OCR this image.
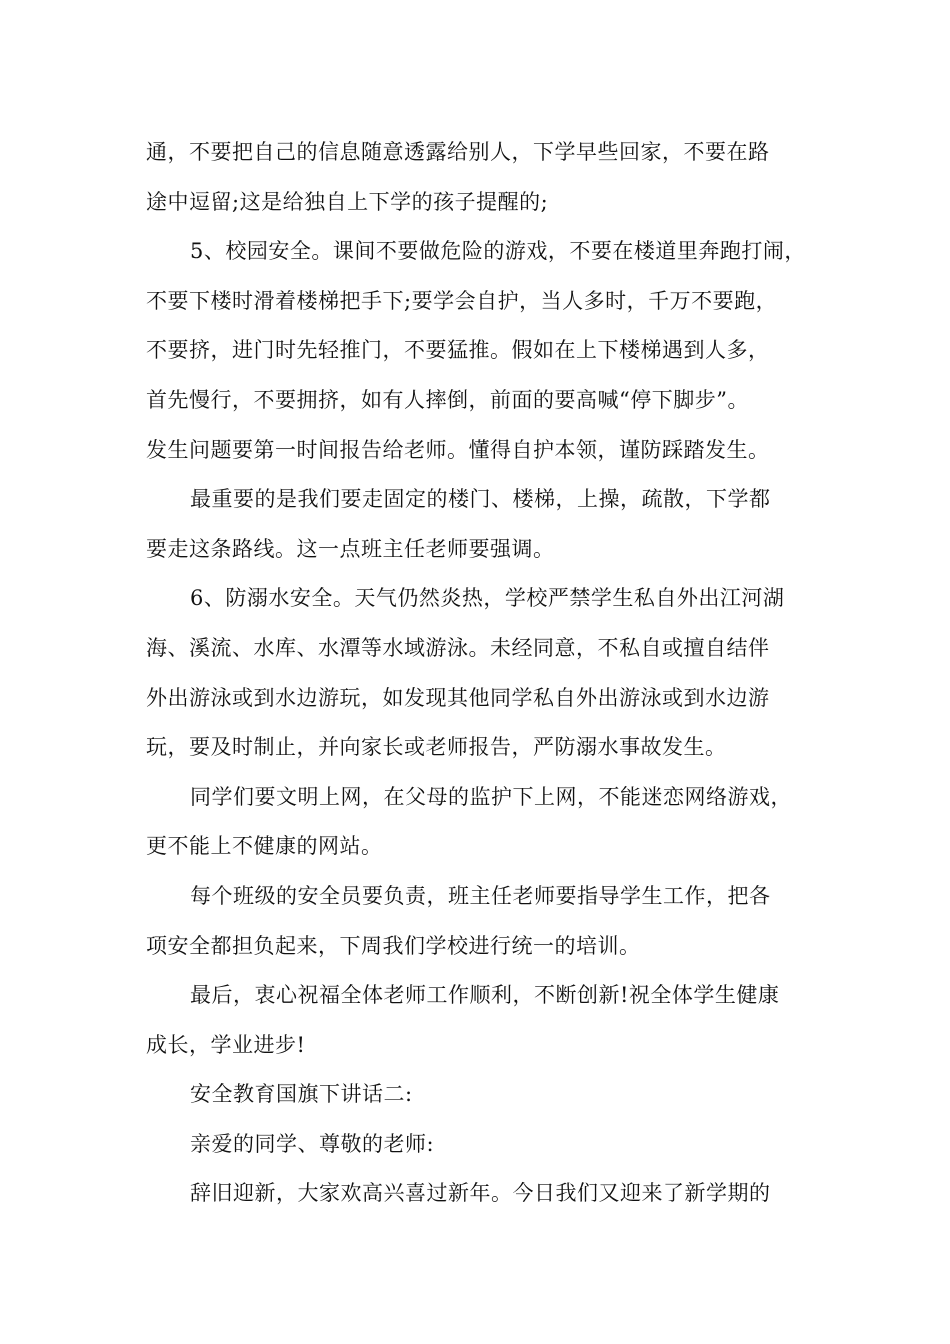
通，不要把自己的信息随意透露给别人，下学早些回家，不要在路
途中逗留;这是给独自上下学的孩子提醒的;
5、校园安全。课间不要做危险的游戏，不要在楼道里奔跑打闹，
不要下楼时滑着楼梯把手下;要学会自护，当人多时，千万不要跑，
不要挤，进门时先轻推门，不要猛推。假如在上下楼梯遇到人多，
首先慢行，不要拥挤，如有人摔倒，前面的要高喊“停下脚步”。
发生问题要第一时间报告给老师。懂得自护本领，谨防踩踏发生。
最重要的是我们要走固定的楼门、楼梯，上操，疏散，下学都
要走这条路线。这一点班主任老师要强调。
6、防溺水安全。天气仍然炎热，学校严禁学生私自外出江河湖
海、溪流、水库、水潭等水域游泳。未经同意，不私自或擅自结伴
外出游泳或到水边游玩，如发现其他同学私自外出游泳或到水边游
玩，要及时制止，并向家长或老师报告，严防溺水事故发生。
同学们要文明上网，在父母的监护下上网，不能迷恋网络游戏，
更不能上不健康的网站。
每个班级的安全员要负责，班主任老师要指导学生工作，把各
项安全都担负起来，下周我们学校进行统一的培训。
最后，衷心祝福全体老师工作顺利，不断创新!祝全体学生健康
成长，学业进步!
安全教育国旗下讲话二:
亲爱的同学、尊敬的老师:
辞旧迎新，大家欢高兴喜过新年。今日我们又迎来了新学期的
